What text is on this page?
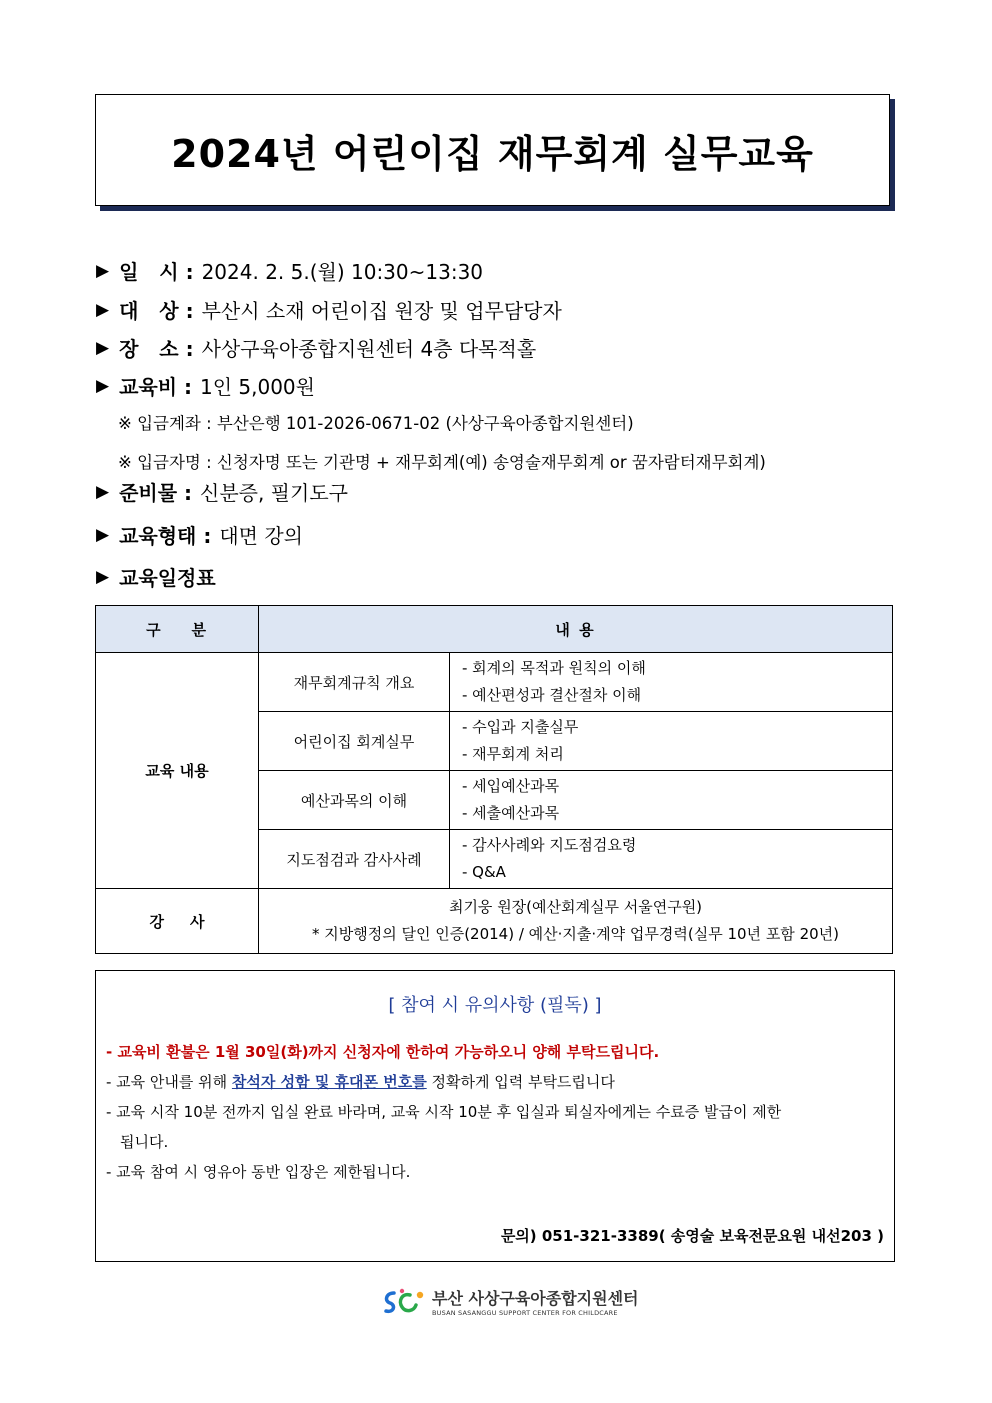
2024년 어린이집 재무회계 실무교육
▶ 일   시 : 2024. 2. 5.(월) 10:30~13:30
▶ 대   상 : 부산시 소재 어린이집 원장 및 업무담당자
▶ 장   소 : 사상구육아종합지원센터 4층 다목적홀
▶ 교육비 : 1인 5,000원
※ 입금계좌 : 부산은행 101-2026-0671-02 (사상구육아종합지원센터)
※ 입금자명 : 신청자명 또는 기관명 + 재무회계(예) 송영술재무회계 or 꿈자람터재무회계)
▶ 준비물 : 신분증, 필기도구
▶ 교육형태 : 대면 강의
▶ 교육일정표
구    분	내 용	
교육 내용	재무회계규칙 개요	- 회계의 목적과 원칙의 이해
- 예산편성과 결산절차 이해

	어린이집 회계실무	- 수입과 지출실무
- 재무회계 처리

	예산과목의 이해	- 세입예산과목
- 세출예산과목

	지도점검과 감사사례	- 감사사례와 지도점검요령
- Q&A

강     사	최기웅 원장(예산회계실무 서울연구원)
* 지방행정의 달인 인증(2014) / 예산·지출·계약 업무경력(실무 10년 포함 20년)	
[ 참여 시 유의사항 (필독) ]
- 교육비 환불은 1월 30일(화)까지 신청자에 한하여 가능하오니 양해 부탁드립니다.
- 교육 안내를 위해 참석자 성함 및 휴대폰 번호를 정확하게 입력 부탁드립니다
- 교육 시작 10분 전까지 입실 완료 바라며, 교육 시작 10분 후 입실과 퇴실자에게는 수료증 발급이 제한
됩니다.
- 교육 참여 시 영유아 동반 입장은 제한됩니다.
문의) 051-321-3389( 송영술 보육전문요원 내선203 )
부산 사상구육아종합지원센터
BUSAN SASANGGU SUPPORT CENTER FOR CHILDCARE
